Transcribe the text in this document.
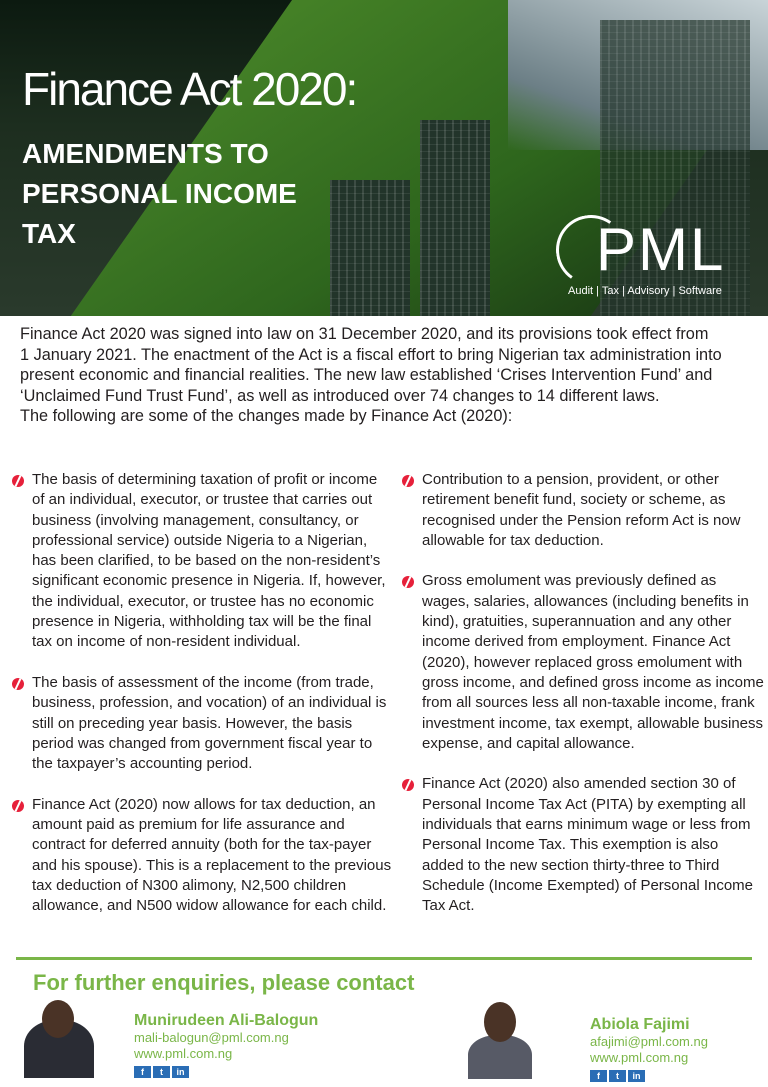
Finance Act 2020:
AMENDMENTS TO
PERSONAL INCOME
TAX	PML
Audit | Tax | Advisory | Software

Finance Act 2020 was signed into law on 31 December 2020, and its provisions took effect from

1 January 2021. The enactment of the Act is a fiscal effort to bring Nigerian tax administration into

present economic and financial realities. The new law established ‘Crises Intervention Fund’ and

‘Unclaimed Fund Trust Fund’, as well as introduced over 74 changes to 14 different laws.

The following are some of the changes made by Finance Act (2020):

The basis of determining taxation of profit or income of an individual, executor, or trustee that carries out business (involving management, consultancy, or professional service) outside Nigeria to a Nigerian, has been clarified, to be based on the non-resident’s significant economic presence in Nigeria. If, however, the individual, executor, or trustee has no economic presence in Nigeria, withholding tax will be the final tax on income of non-resident individual.

The basis of assessment of the income (from trade, business, profession, and vocation) of an individual is still on preceding year basis. However, the basis period was changed from government fiscal year to the taxpayer’s accounting period.

Finance Act (2020) now allows for tax deduction, an amount paid as premium for life assurance and contract for deferred annuity (both for the tax-payer and his spouse). This is a replacement to the previous tax deduction of N300 alimony, N2,500 children allowance, and N500 widow allowance for each child.

Contribution to a pension, provident, or other retirement benefit fund, society or scheme, as recognised under the Pension reform Act is now allowable for tax deduction.

Gross emolument was previously defined as wages, salaries, allowances (including benefits in kind), gratuities, superannuation and any other income derived from employment. Finance Act (2020), however replaced gross emolument with gross income, and defined gross income as income from all sources less all non-taxable income, frank investment income, tax exempt, allowable business expense, and capital allowance.

Finance Act (2020) also amended section 30 of Personal Income Tax Act (PITA) by exempting all individuals that earns minimum wage or less from Personal Income Tax. This exemption is also added to the new section thirty-three to Third Schedule (Income Exempted) of Personal Income Tax Act.

For further enquiries, please contact
Munirudeen Ali-Balogun
mali-balogun@pml.com.ng
www.pml.com.ng
f	t	in
Abiola Fajimi
afajimi@pml.com.ng
www.pml.com.ng
f	t	in
